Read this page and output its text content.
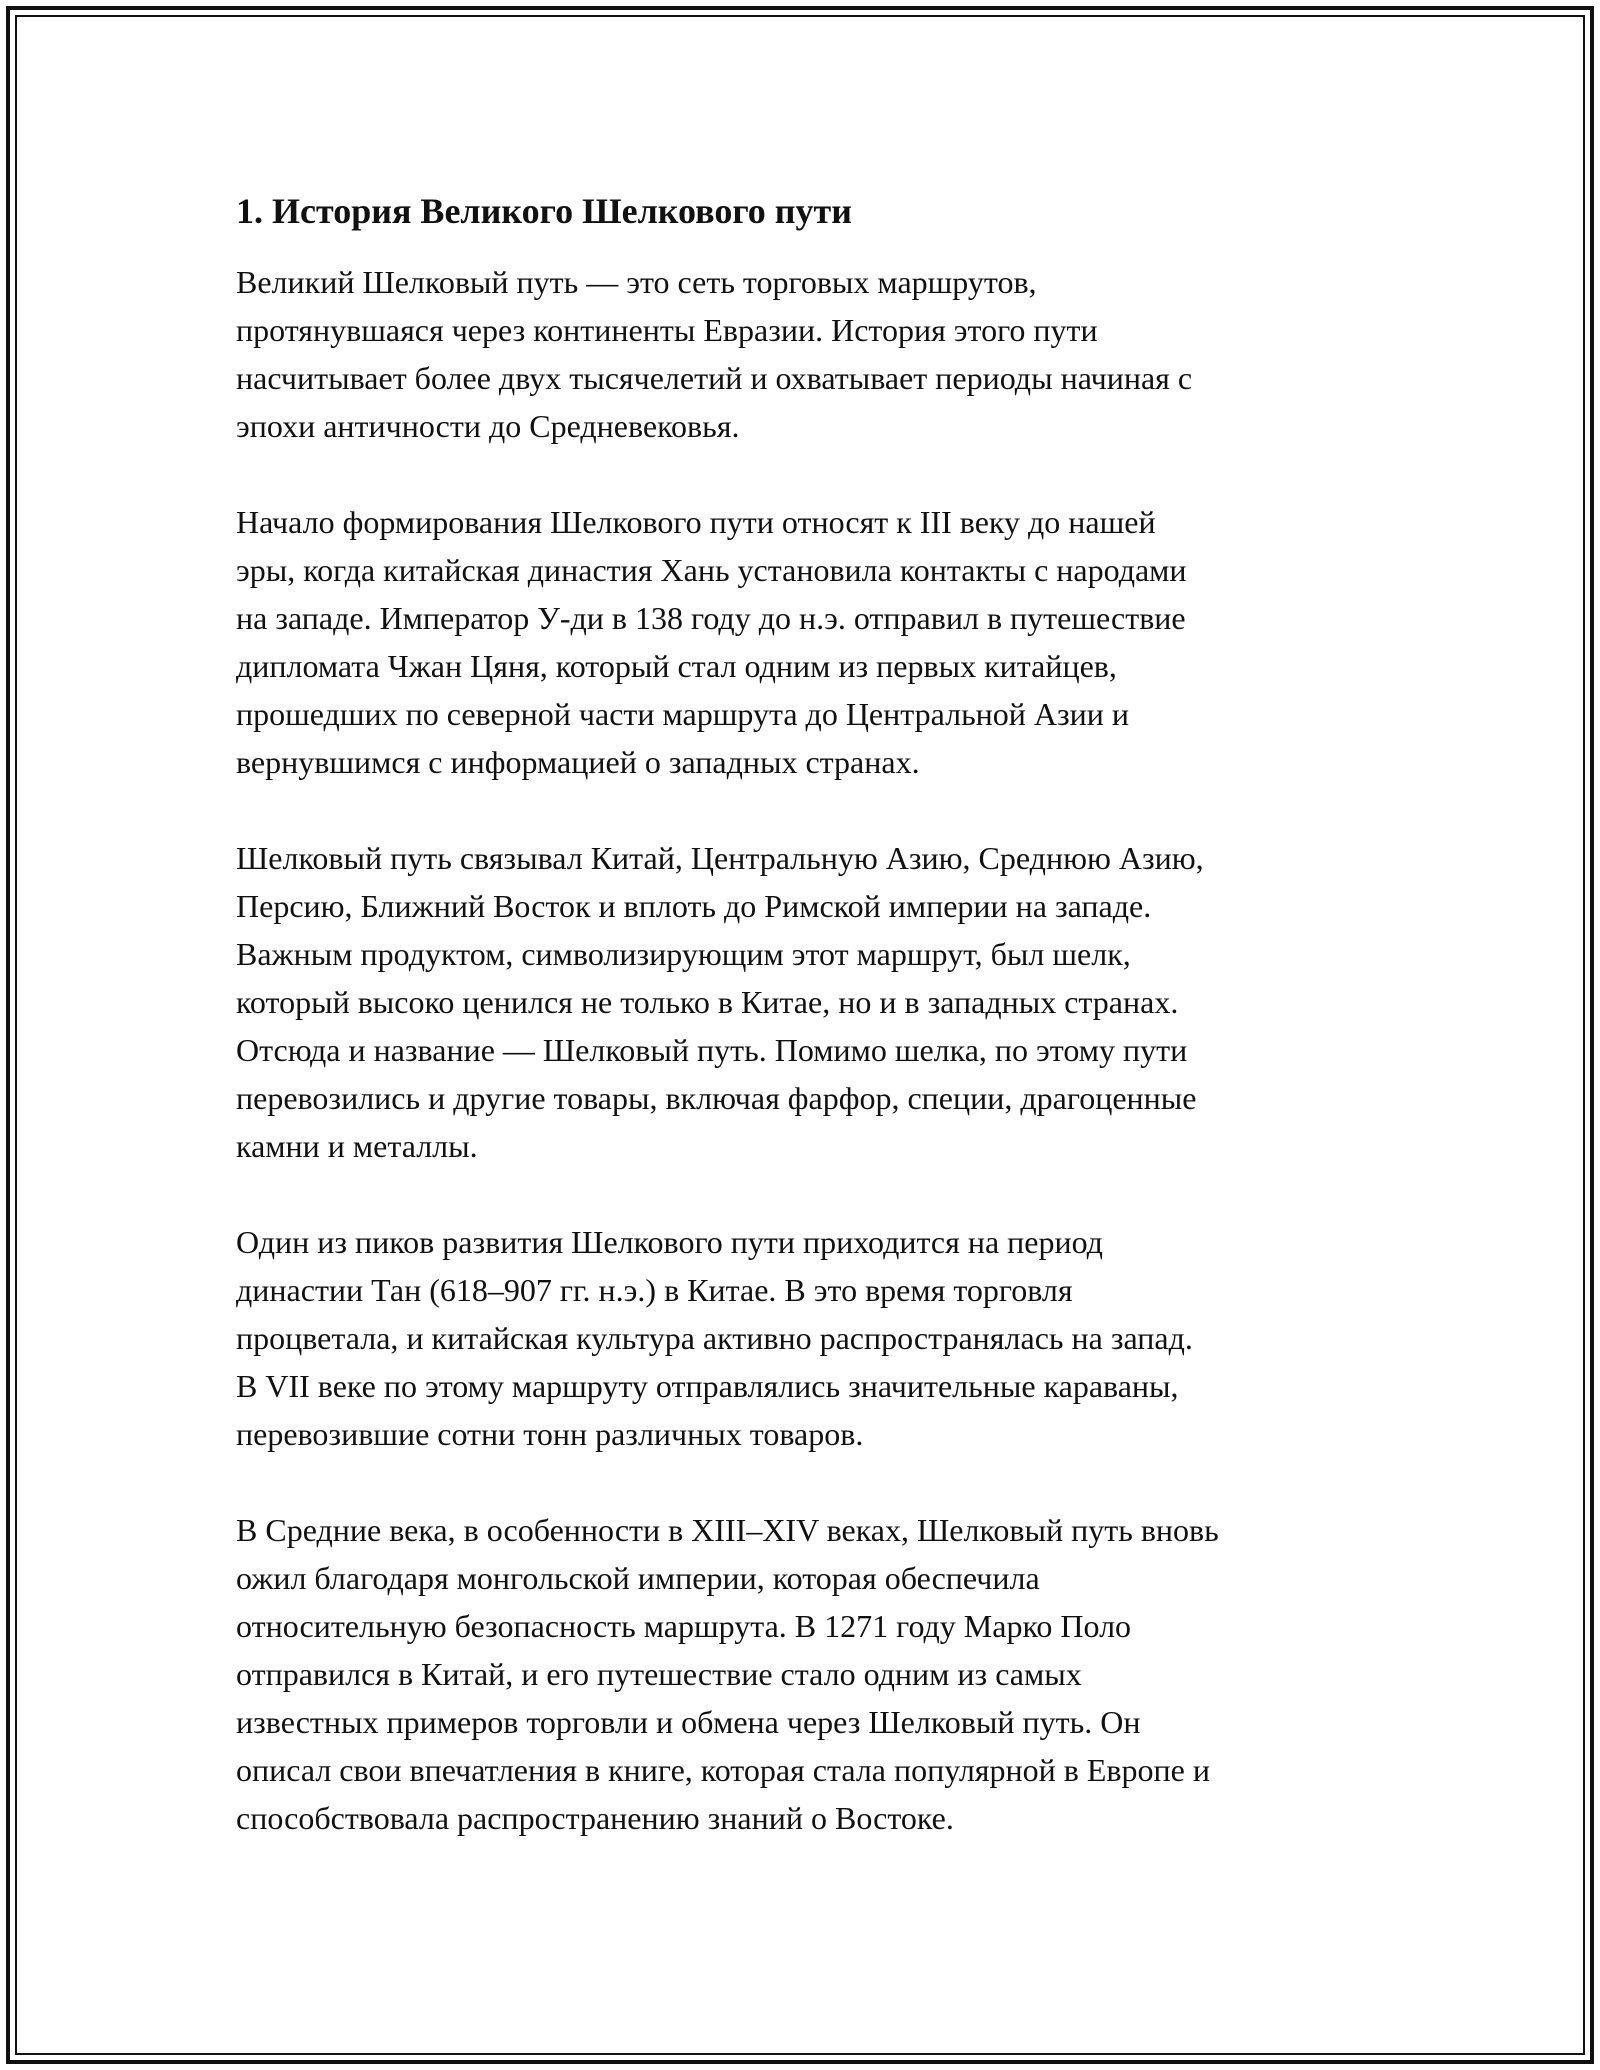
1. История Великого Шелкового пути

Великий Шелковый путь — это сеть торговых маршрутов,
протянувшаяся через континенты Евразии. История этого пути
насчитывает более двух тысячелетий и охватывает периоды начиная с
эпохи античности до Средневековья.

Начало формирования Шелкового пути относят к III веку до нашей
эры, когда китайская династия Хань установила контакты с народами
на западе. Император У-ди в 138 году до н.э. отправил в путешествие
дипломата Чжан Цяня, который стал одним из первых китайцев,
прошедших по северной части маршрута до Центральной Азии и
вернувшимся с информацией о западных странах.

Шелковый путь связывал Китай, Центральную Азию, Среднюю Азию,
Персию, Ближний Восток и вплоть до Римской империи на западе.
Важным продуктом, символизирующим этот маршрут, был шелк,
который высоко ценился не только в Китае, но и в западных странах.
Отсюда и название — Шелковый путь. Помимо шелка, по этому пути
перевозились и другие товары, включая фарфор, специи, драгоценные
камни и металлы.

Один из пиков развития Шелкового пути приходится на период
династии Тан (618–907 гг. н.э.) в Китае. В это время торговля
процветала, и китайская культура активно распространялась на запад.
В VII веке по этому маршруту отправлялись значительные караваны,
перевозившие сотни тонн различных товаров.

В Средние века, в особенности в XIII–XIV веках, Шелковый путь вновь
ожил благодаря монгольской империи, которая обеспечила
относительную безопасность маршрута. В 1271 году Марко Поло
отправился в Китай, и его путешествие стало одним из самых
известных примеров торговли и обмена через Шелковый путь. Он
описал свои впечатления в книге, которая стала популярной в Европе и
способствовала распространению знаний о Востоке.
